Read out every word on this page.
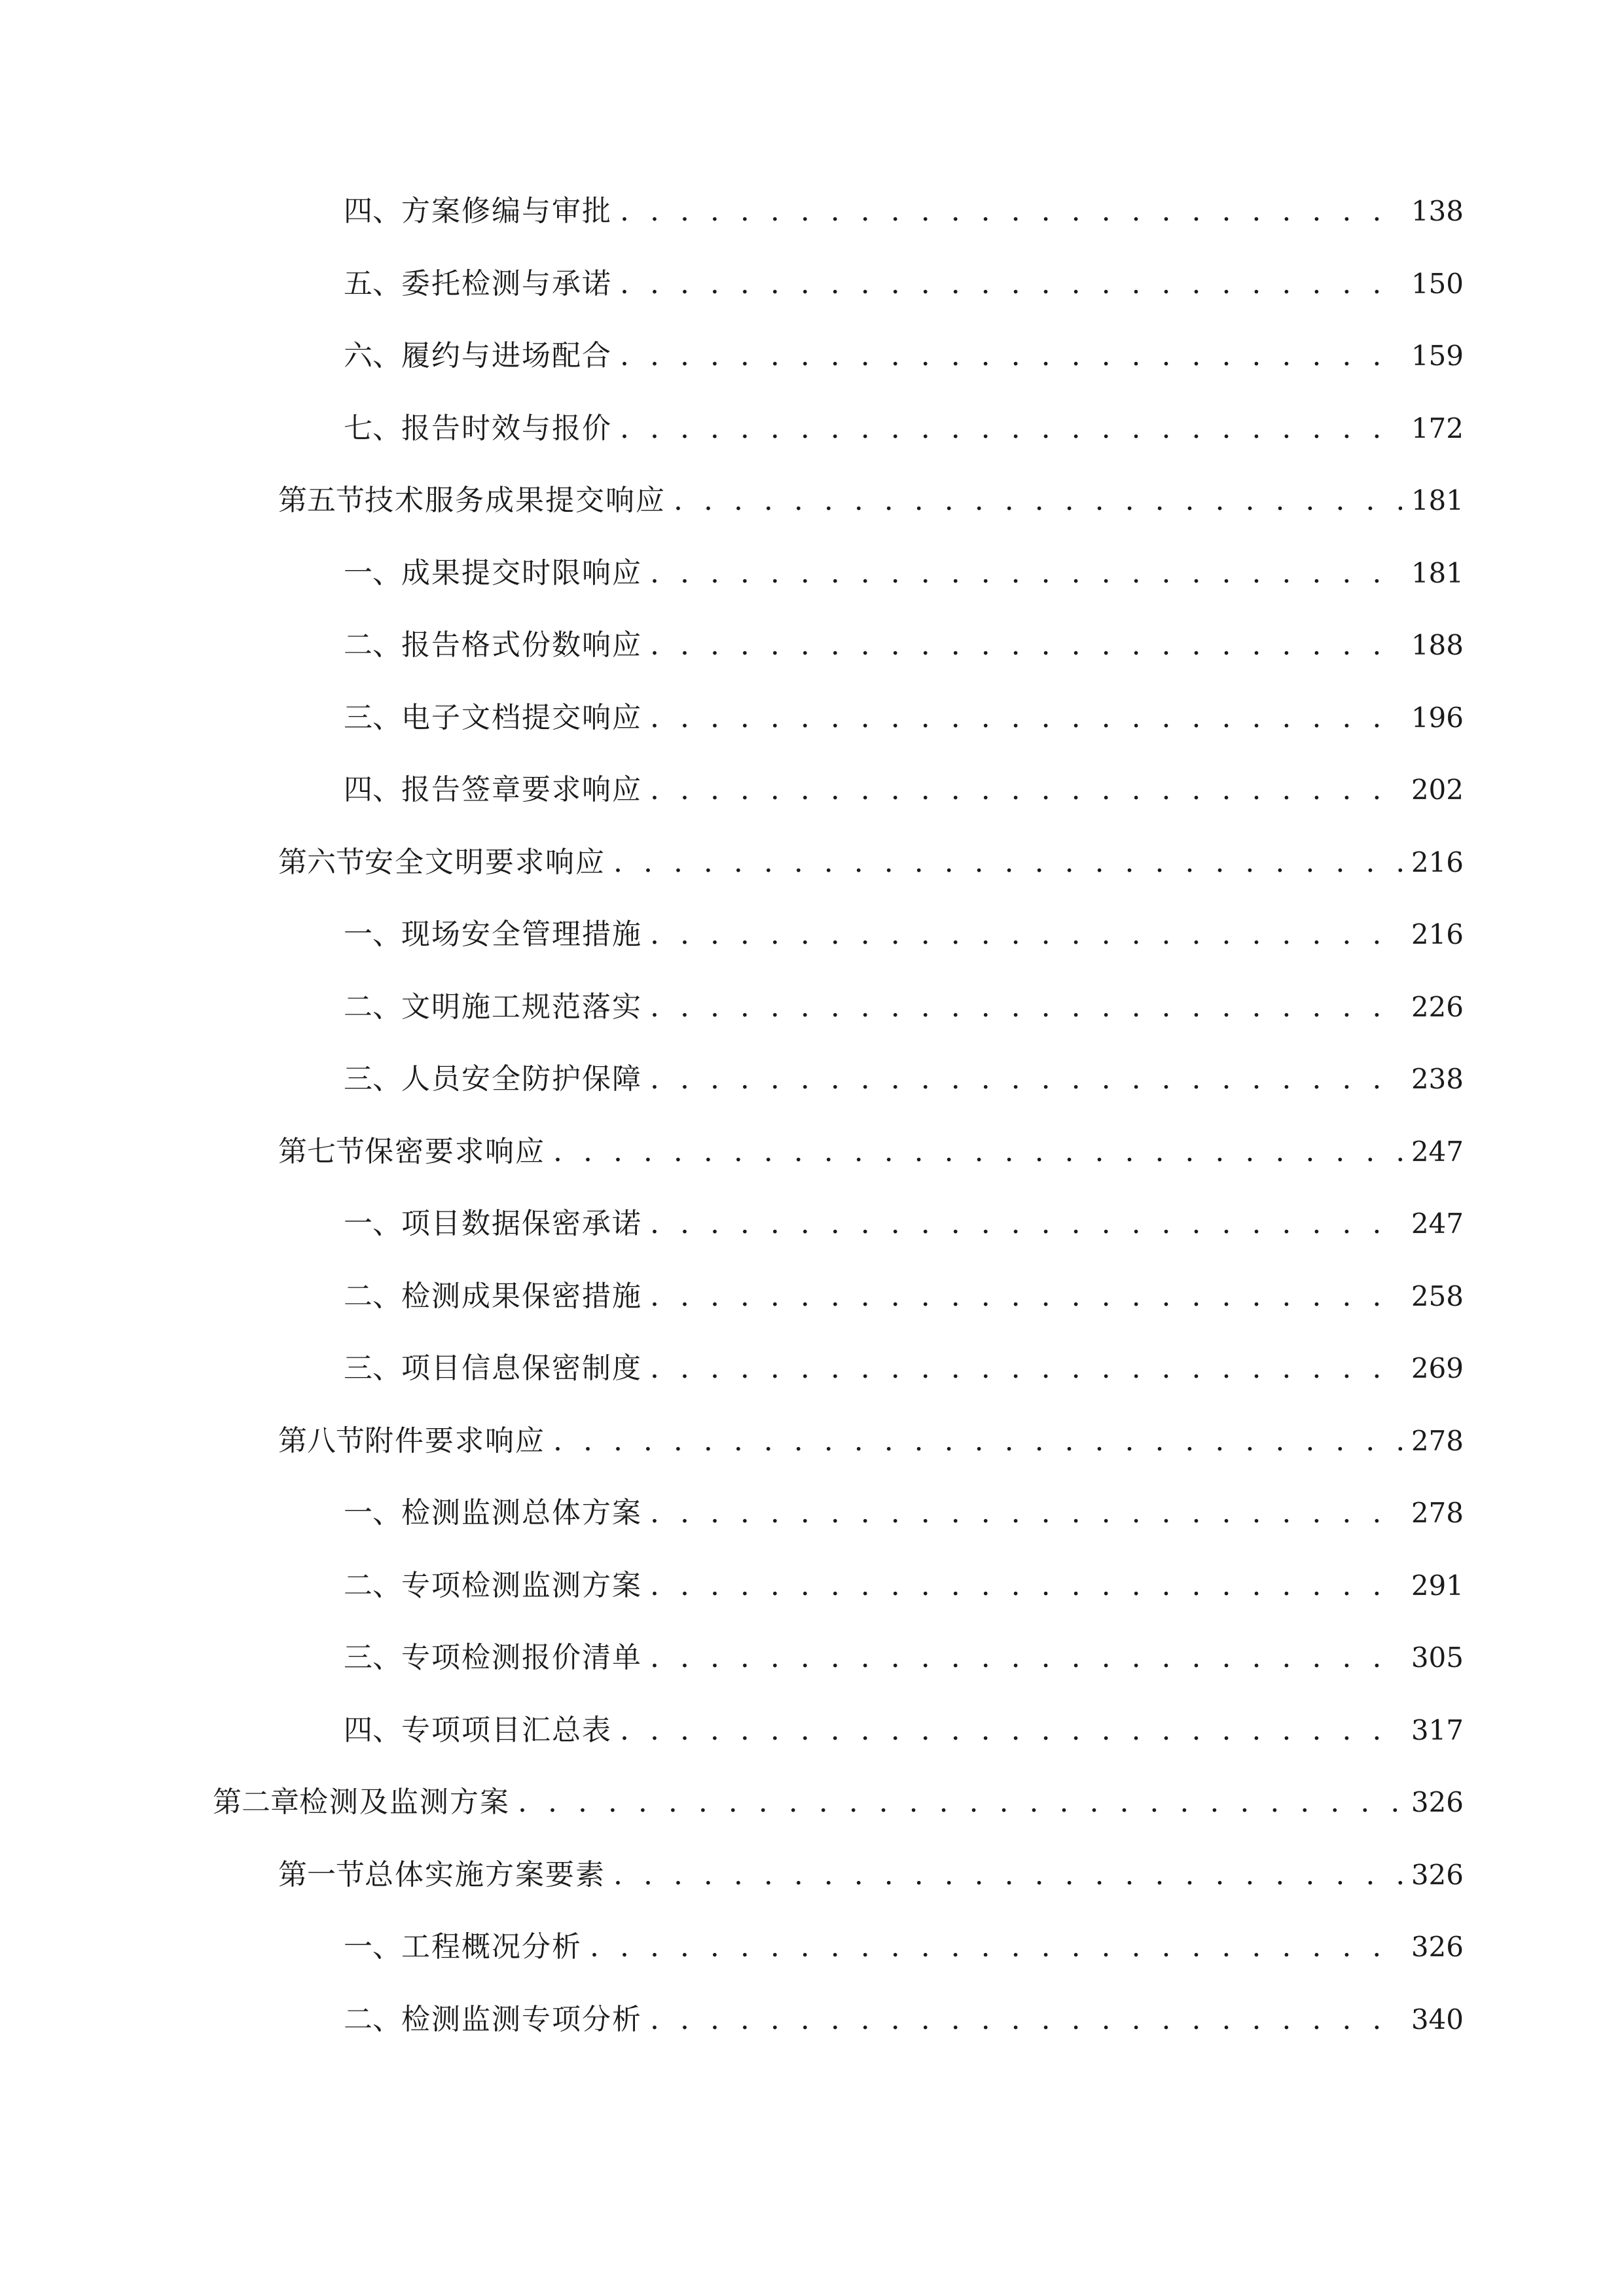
四、 方案修编与审批 . . .	138
五、 委托检测与承诺 . . .	150
六、 履约与进场配合 . . .	159
七、 报告时效与报价 . . .	172
第五节 技术服务成果提交响应 . . .	181
一、 成果提交时限响应 . . .	181
二、 报告格式份数响应 . . .	188
三、 电子文档提交响应 . . .	196
四、 报告签章要求响应 . . .	202
第六节 安全文明要求响应 . . .	216
一、 现场安全管理措施 . . .	216
二、 文明施工规范落实 . . .	226
三、 人员安全防护保障 . . .	238
第七节 保密要求响应 . . .	247
一、 项目数据保密承诺 . . .	247
二、 检测成果保密措施 . . .	258
三、 项目信息保密制度 . . .	269
第八节 附件要求响应 . . .	278
一、 检测监测总体方案 . . .	278
二、 专项检测监测方案 . . .	291
三、 专项检测报价清单 . . .	305
四、 专项项目汇总表 . . .	317
第二章 检测及监测方案 . . .	326
第一节 总体实施方案要素 . . .	326
一、 工程概况分析 . . .	326
二、 检测监测专项分析 . . .	340
